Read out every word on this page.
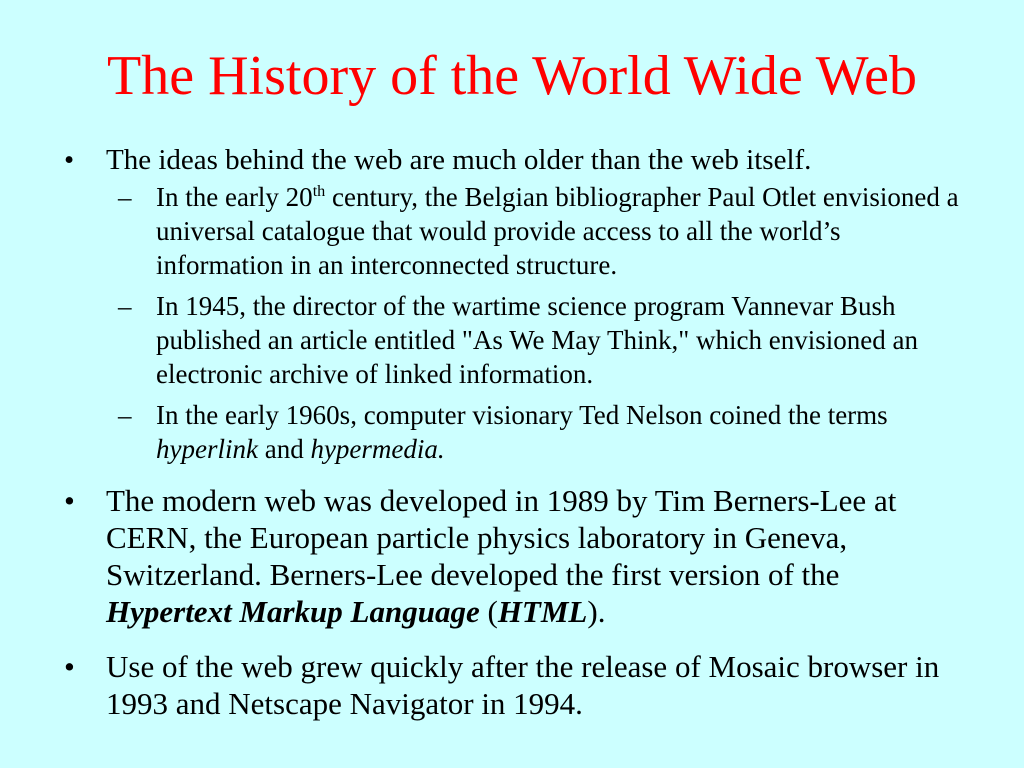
The History of the World Wide Web
• The ideas behind the web are much older than the web itself.
– In the early 20th century, the Belgian bibliographer Paul Otlet envisioned a universal catalogue that would provide access to all the world’s information in an interconnected structure.
– In 1945, the director of the wartime science program Vannevar Bush published an article entitled "As We May Think," which envisioned an electronic archive of linked information.
– In the early 1960s, computer visionary Ted Nelson coined the terms hyperlink and hypermedia.
• The modern web was developed in 1989 by Tim Berners-Lee at CERN, the European particle physics laboratory in Geneva, Switzerland. Berners-Lee developed the first version of the Hypertext Markup Language (HTML).
• Use of the web grew quickly after the release of Mosaic browser in 1993 and Netscape Navigator in 1994.
